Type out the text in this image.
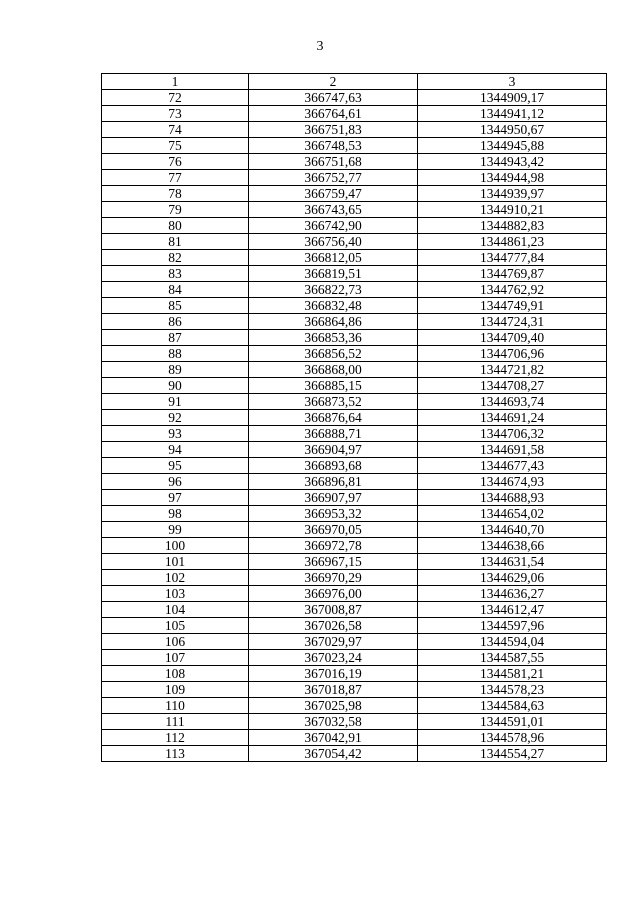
3
1	2	3
72	366747,63	1344909,17
73	366764,61	1344941,12
74	366751,83	1344950,67
75	366748,53	1344945,88
76	366751,68	1344943,42
77	366752,77	1344944,98
78	366759,47	1344939,97
79	366743,65	1344910,21
80	366742,90	1344882,83
81	366756,40	1344861,23
82	366812,05	1344777,84
83	366819,51	1344769,87
84	366822,73	1344762,92
85	366832,48	1344749,91
86	366864,86	1344724,31
87	366853,36	1344709,40
88	366856,52	1344706,96
89	366868,00	1344721,82
90	366885,15	1344708,27
91	366873,52	1344693,74
92	366876,64	1344691,24
93	366888,71	1344706,32
94	366904,97	1344691,58
95	366893,68	1344677,43
96	366896,81	1344674,93
97	366907,97	1344688,93
98	366953,32	1344654,02
99	366970,05	1344640,70
100	366972,78	1344638,66
101	366967,15	1344631,54
102	366970,29	1344629,06
103	366976,00	1344636,27
104	367008,87	1344612,47
105	367026,58	1344597,96
106	367029,97	1344594,04
107	367023,24	1344587,55
108	367016,19	1344581,21
109	367018,87	1344578,23
110	367025,98	1344584,63
111	367032,58	1344591,01
112	367042,91	1344578,96
113	367054,42	1344554,27
